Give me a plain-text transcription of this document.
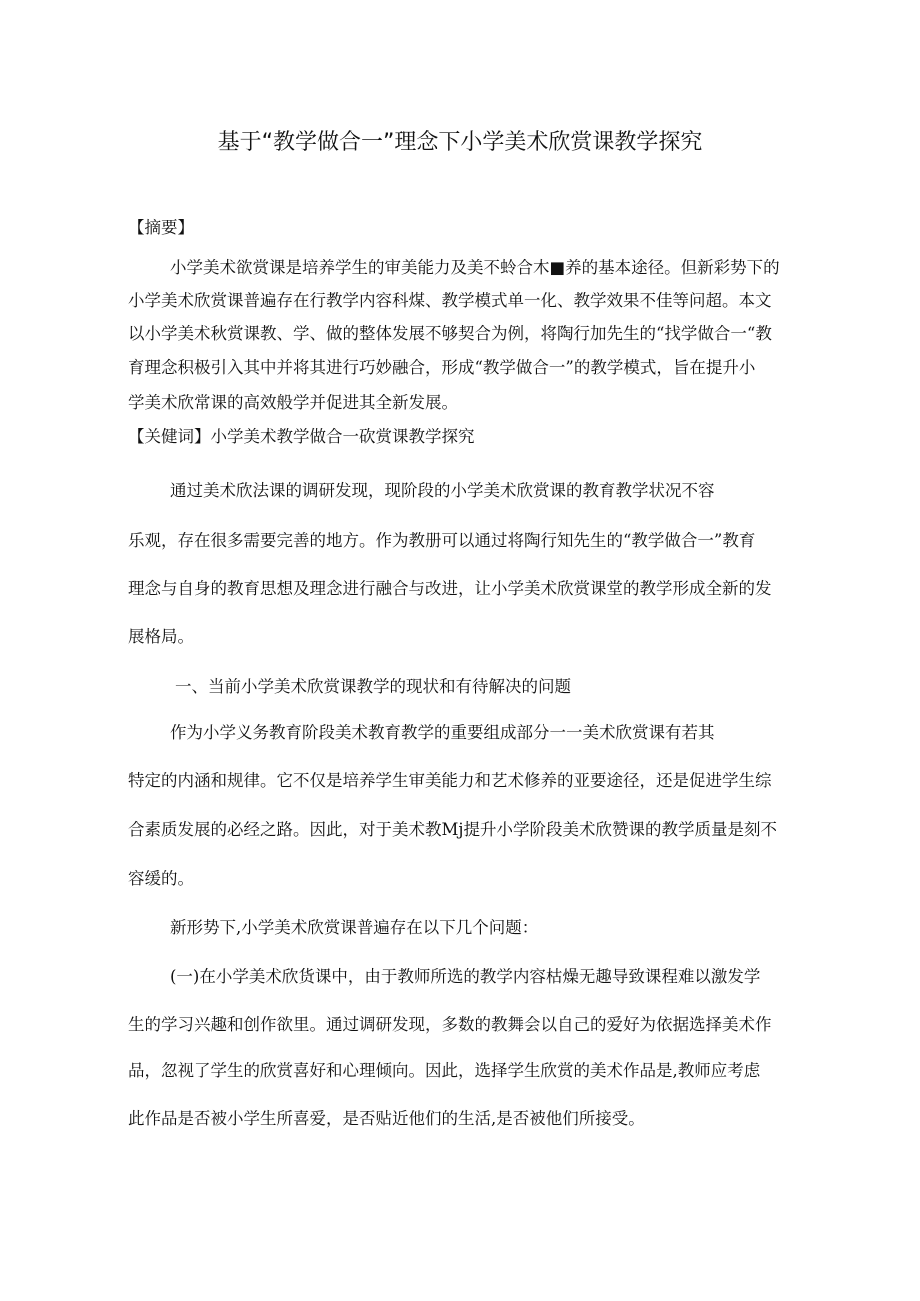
基于“教学做合一”理念下小学美术欣赏课教学探究
【摘要】
小学美术欲赏课是培养学生的审美能力及美不蛉合木■养的基本途径。但新彩势下的
小学美术欣赏课普遍存在行教学内容科煤、教学模式单一化、教学效果不佳等问超。本文
以小学美术秋赏课教、学、做的整体发展不够契合为例，将陶行加先生的“找学做合一“教
育理念积极引入其中并将其进行巧妙融合，形成“教学做合一”的教学模式，旨在提升小
学美术欣常课的高效般学并促进其全新发展。
【关健词】小学美术教学做合一砍赏课教学探究
通过美术欣法课的调研发现，现阶段的小学美术欣赏课的教育教学状况不容
乐观，存在很多需要完善的地方。作为教册可以通过将陶行知先生的“教学做合一”教育
理念与自身的教育思想及理念进行融合与改进，让小学美术欣赏课堂的教学形成全新的发
展格局。
一、当前小学美术欣赏课教学的现状和有待解决的问题
作为小学义务教育阶段美术教育教学的重要组成部分一一美术欣赏课有若其
特定的内涵和规律。它不仅是培养学生审美能力和艺术修养的亚要途径，还是促进学生综
合素质发展的必经之路。因此，对于美术教Mj提升小学阶段美术欣赞课的教学质量是刻不
容缓的。
新形势下,小学美术欣赏课普遍存在以下几个问题：
(一)在小学美术欣货课中，由于教师所选的教学内容枯燥无趣导致课程难以激发学
生的学习兴趣和创作欲里。通过调研发现，多数的教舞会以自己的爱好为依据选择美术作
品，忽视了学生的欣赏喜好和心理倾向。因此，选择学生欣赏的美术作品是,教师应考虑
此作品是否被小学生所喜爱，是否贴近他们的生活,是否被他们所接受。
